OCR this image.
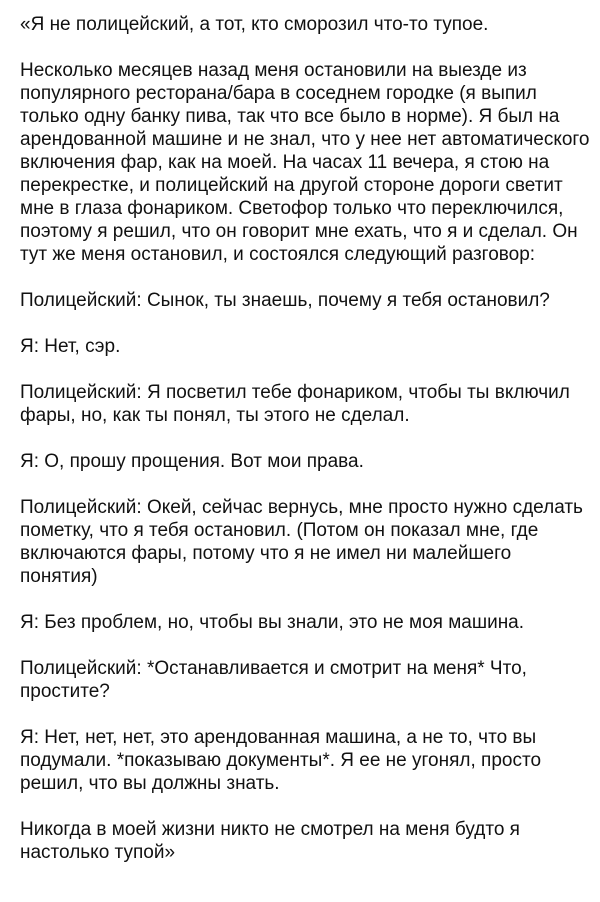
«Я не полицейский, а тот, кто сморозил что-то тупое.

Несколько месяцев назад меня остановили на выезде из популярного ресторана/бара в соседнем городке (я выпил только одну банку пива, так что все было в норме). Я был на арендованной машине и не знал, что у нее нет автоматического включения фар, как на моей. На часах 11 вечера, я стою на перекрестке, и полицейский на другой стороне дороги светит мне в глаза фонариком. Светофор только что переключился, поэтому я решил, что он говорит мне ехать, что я и сделал. Он тут же меня остановил, и состоялся следующий разговор:

Полицейский: Сынок, ты знаешь, почему я тебя остановил?

Я: Нет, сэр.

Полицейский: Я посветил тебе фонариком, чтобы ты включил фары, но, как ты понял, ты этого не сделал.

Я: О, прошу прощения. Вот мои права.

Полицейский: Окей, сейчас вернусь, мне просто нужно сделать пометку, что я тебя остановил. (Потом он показал мне, где включаются фары, потому что я не имел ни малейшего понятия)

Я: Без проблем, но, чтобы вы знали, это не моя машина.

Полицейский: *Останавливается и смотрит на меня* Что, простите?

Я: Нет, нет, нет, это арендованная машина, а не то, что вы подумали. *показываю документы*. Я ее не угонял, просто решил, что вы должны знать.

Никогда в моей жизни никто не смотрел на меня будто я настолько тупой»
